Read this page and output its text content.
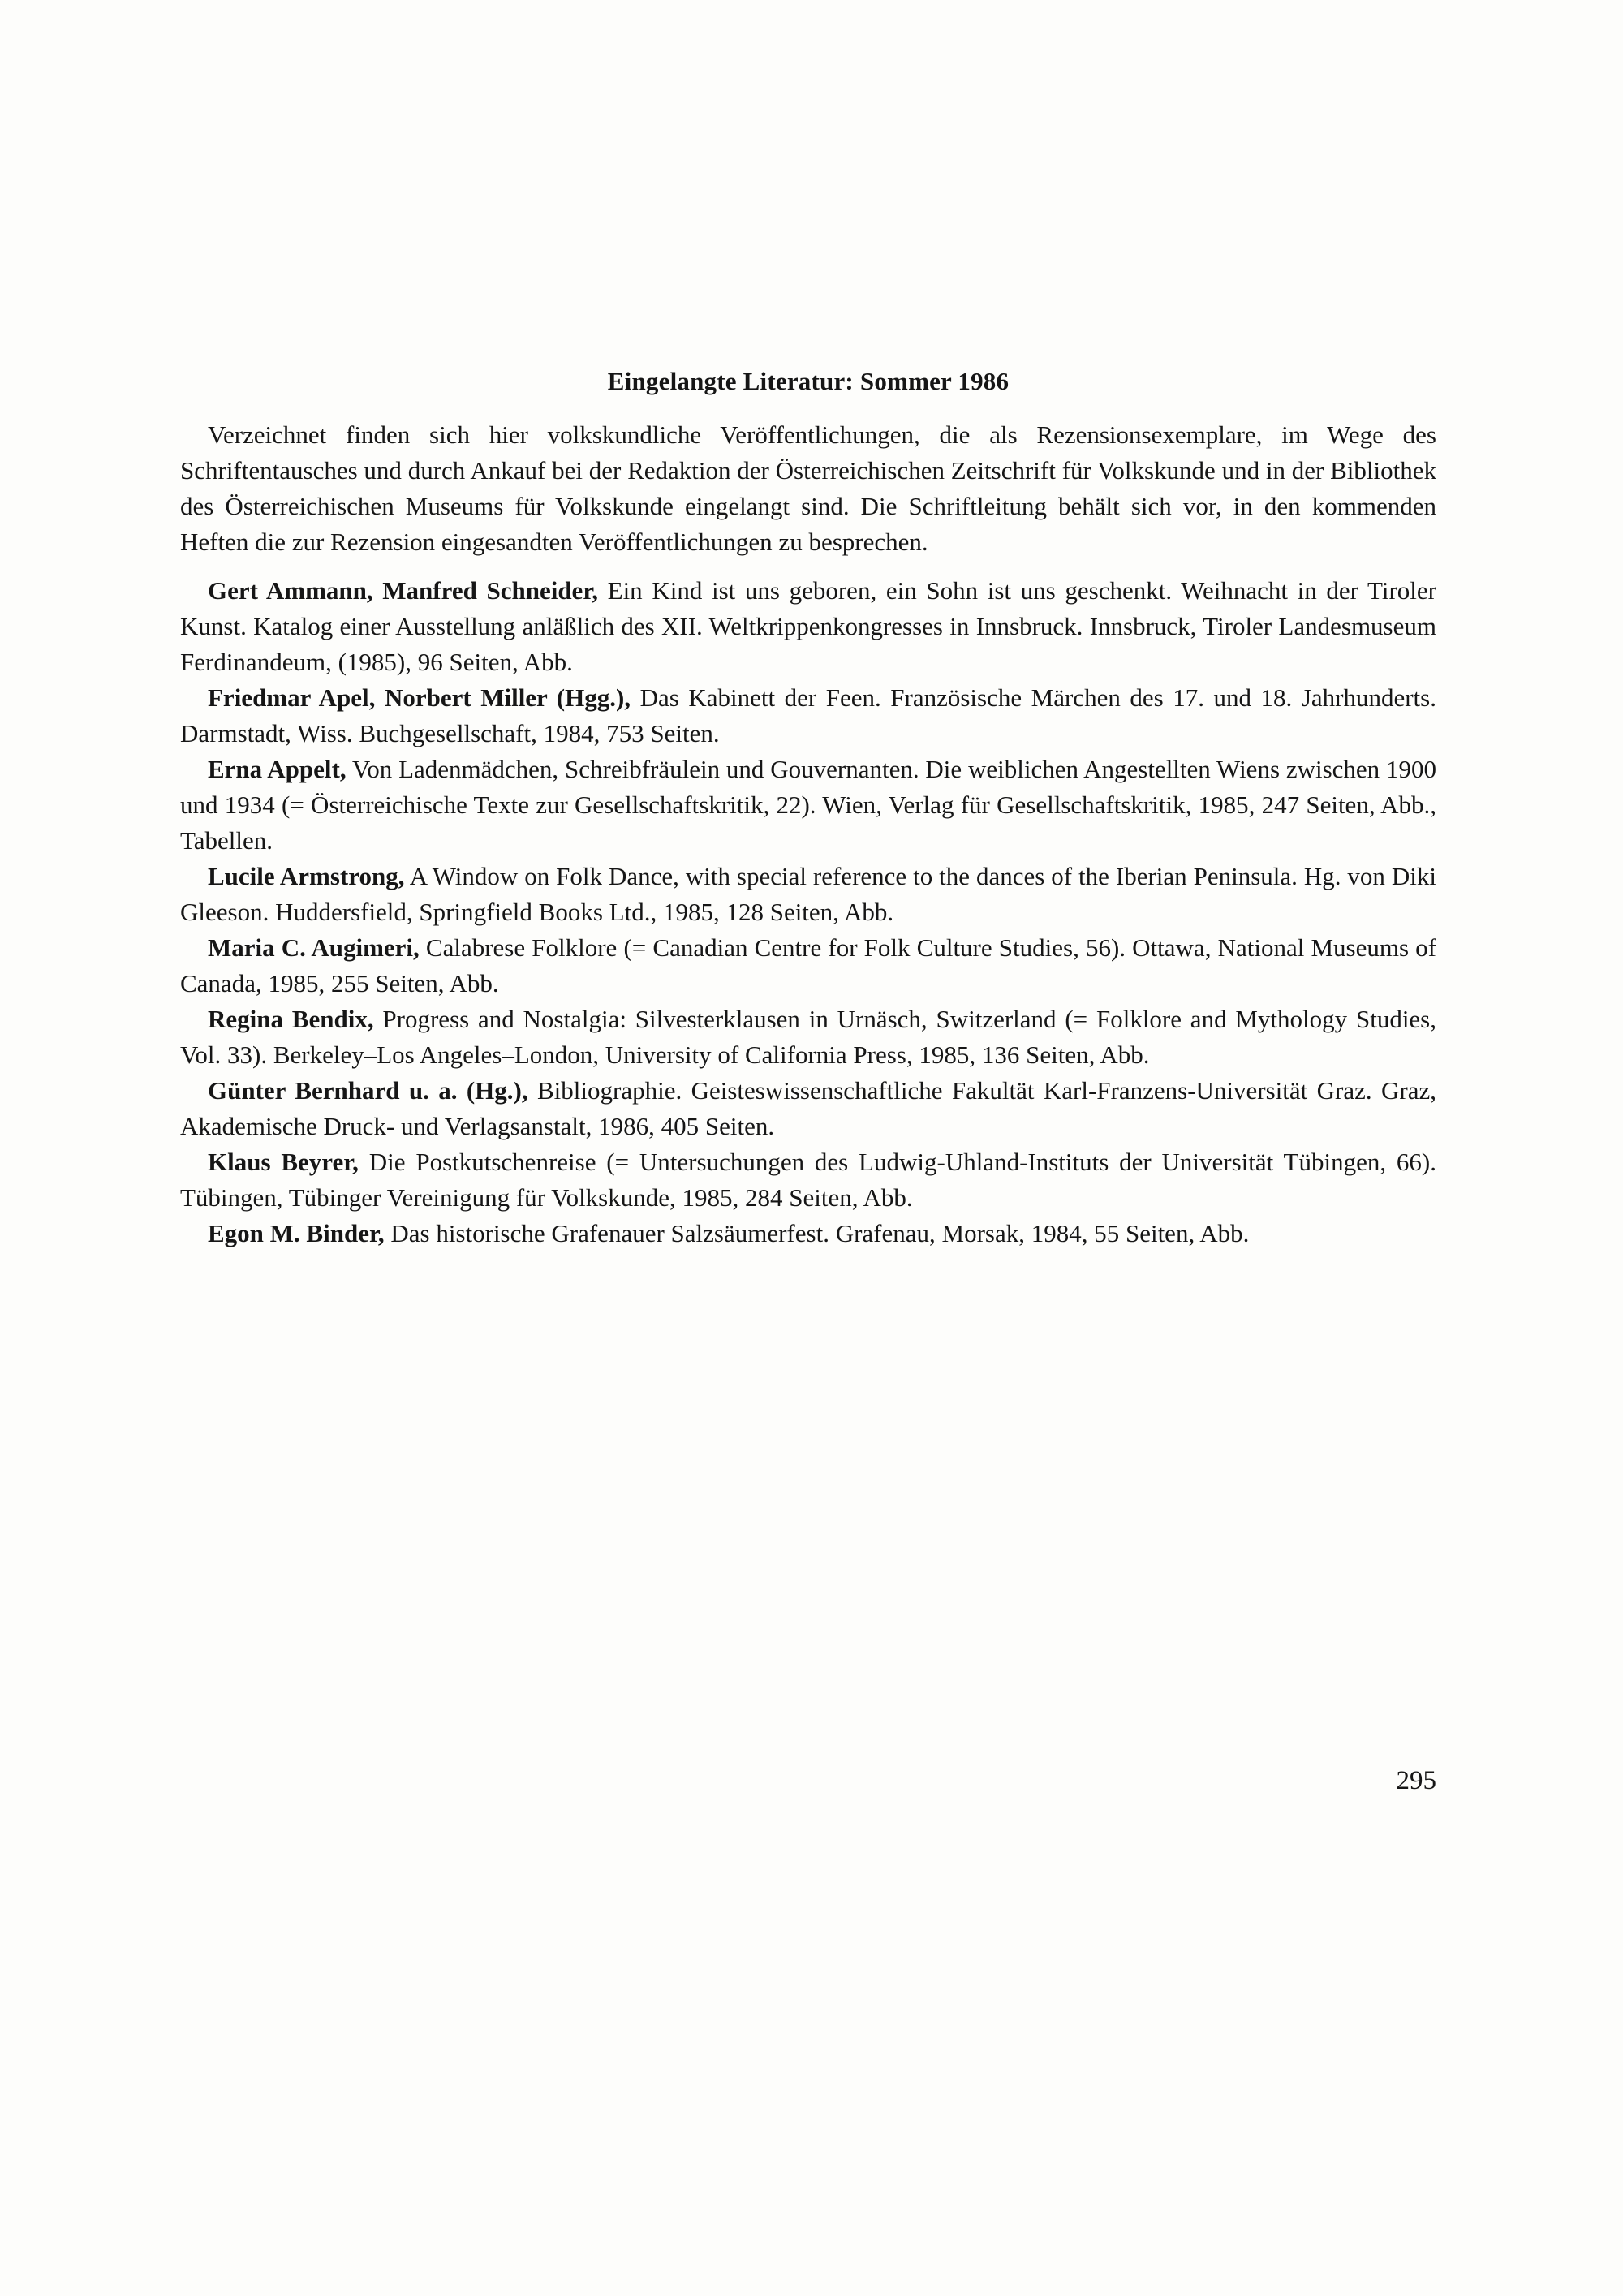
Eingelangte Literatur: Sommer 1986

Verzeichnet finden sich hier volkskundliche Veröffentlichungen, die als Rezensionsexemplare, im Wege des Schriftentausches und durch Ankauf bei der Redaktion der Österreichischen Zeitschrift für Volkskunde und in der Bibliothek des Österreichischen Museums für Volkskunde eingelangt sind. Die Schriftleitung behält sich vor, in den kommenden Heften die zur Rezension eingesandten Veröffentlichungen zu besprechen.

Gert Ammann, Manfred Schneider, Ein Kind ist uns geboren, ein Sohn ist uns geschenkt. Weihnacht in der Tiroler Kunst. Katalog einer Ausstellung anläßlich des XII. Weltkrippenkongresses in Innsbruck. Innsbruck, Tiroler Landesmuseum Ferdinandeum, (1985), 96 Seiten, Abb.

Friedmar Apel, Norbert Miller (Hgg.), Das Kabinett der Feen. Französische Märchen des 17. und 18. Jahrhunderts. Darmstadt, Wiss. Buchgesellschaft, 1984, 753 Seiten.

Erna Appelt, Von Ladenmädchen, Schreibfräulein und Gouvernanten. Die weiblichen Angestellten Wiens zwischen 1900 und 1934 (= Österreichische Texte zur Gesellschaftskritik, 22). Wien, Verlag für Gesellschaftskritik, 1985, 247 Seiten, Abb., Tabellen.

Lucile Armstrong, A Window on Folk Dance, with special reference to the dances of the Iberian Peninsula. Hg. von Diki Gleeson. Huddersfield, Springfield Books Ltd., 1985, 128 Seiten, Abb.

Maria C. Augimeri, Calabrese Folklore (= Canadian Centre for Folk Culture Studies, 56). Ottawa, National Museums of Canada, 1985, 255 Seiten, Abb.

Regina Bendix, Progress and Nostalgia: Silvesterklausen in Urnäsch, Switzerland (= Folklore and Mythology Studies, Vol. 33). Berkeley–Los Angeles–London, University of California Press, 1985, 136 Seiten, Abb.

Günter Bernhard u. a. (Hg.), Bibliographie. Geisteswissenschaftliche Fakultät Karl-Franzens-Universität Graz. Graz, Akademische Druck- und Verlagsanstalt, 1986, 405 Seiten.

Klaus Beyrer, Die Postkutschenreise (= Untersuchungen des Ludwig-Uhland-Instituts der Universität Tübingen, 66). Tübingen, Tübinger Vereinigung für Volkskunde, 1985, 284 Seiten, Abb.

Egon M. Binder, Das historische Grafenauer Salzsäumerfest. Grafenau, Morsak, 1984, 55 Seiten, Abb.

295
